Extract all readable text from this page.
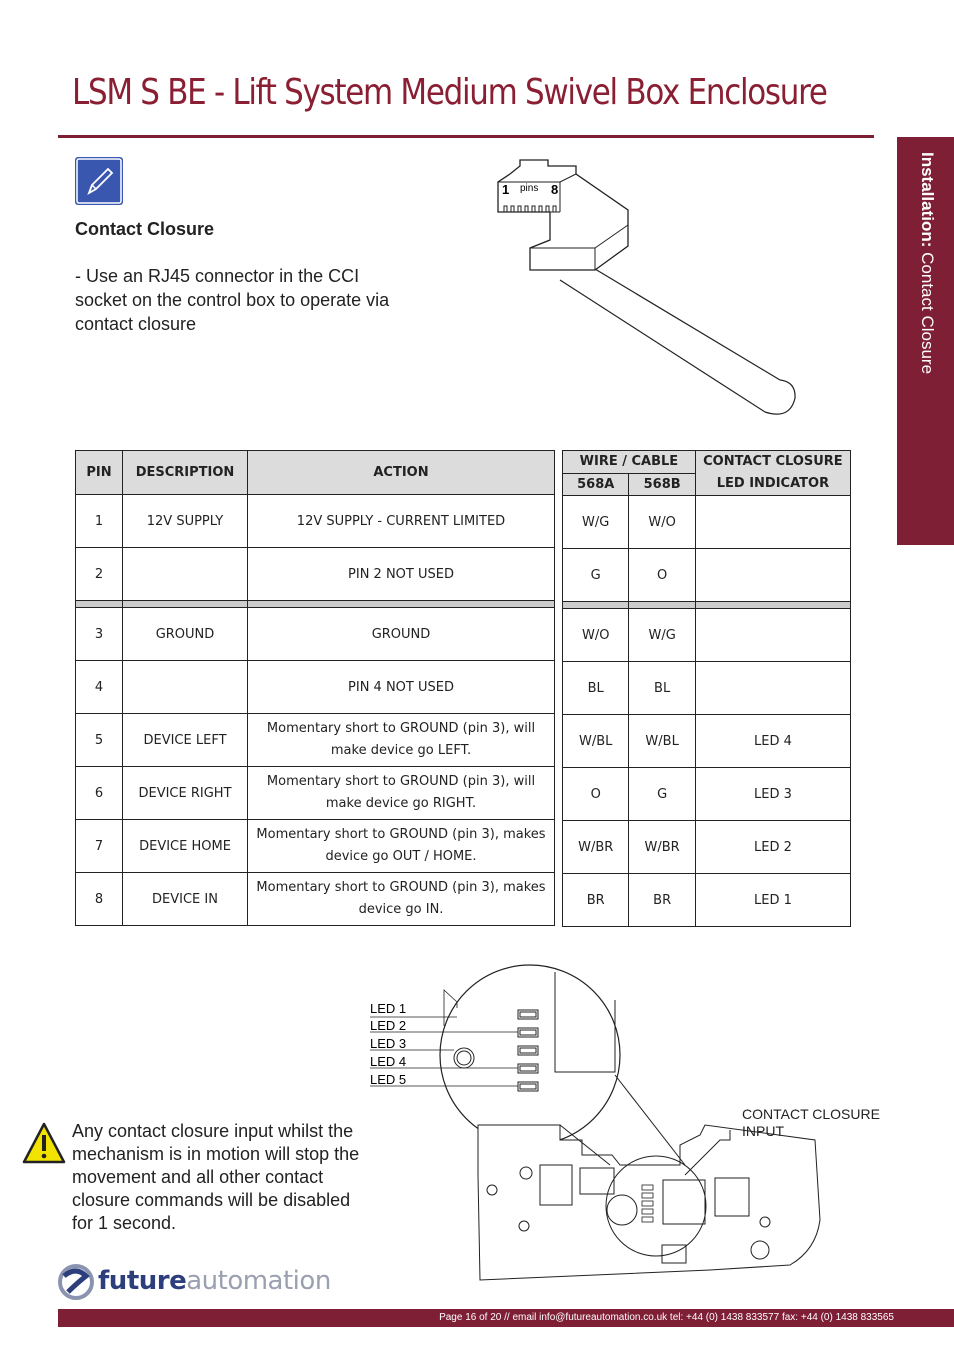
LSM S BE - Lift System Medium Swivel Box Enclosure
Installation: Contact Closure
Contact Closure
- Use an RJ45 connector in the CCI socket on the control box to operate via contact closure
1 pins 8
PIN	DESCRIPTION	ACTION
1	12V SUPPLY	12V SUPPLY - CURRENT LIMITED
2		PIN 2 NOT USED

3	GROUND	GROUND
4		PIN 4 NOT USED
5	DEVICE LEFT	Momentary short to GROUND (pin 3), will make device go LEFT.
6	DEVICE RIGHT	Momentary short to GROUND (pin 3), will make device go RIGHT.
7	DEVICE HOME	Momentary short to GROUND (pin 3), makes device go OUT / HOME.
8	DEVICE IN	Momentary short to GROUND (pin 3), makes device go IN.
WIRE / CABLE		CONTACT CLOSURE LED INDICATOR
568A	568B	
W/G	W/O	
G	O	

W/O	W/G	
BL	BL	
W/BL	W/BL	LED 4
O	G	LED 3
W/BR	W/BR	LED 2
BR	BR	LED 1
LED 1
LED 2
LED 3
LED 4
LED 5
CONTACT CLOSURE INPUT
Any contact closure input whilst the mechanism is in motion will stop the movement and all other contact closure commands will be disabled for 1 second.
futureautomation
Page 16 of 20 // email info@futureautomation.co.uk tel: +44 (0) 1438 833577 fax: +44 (0) 1438 833565
